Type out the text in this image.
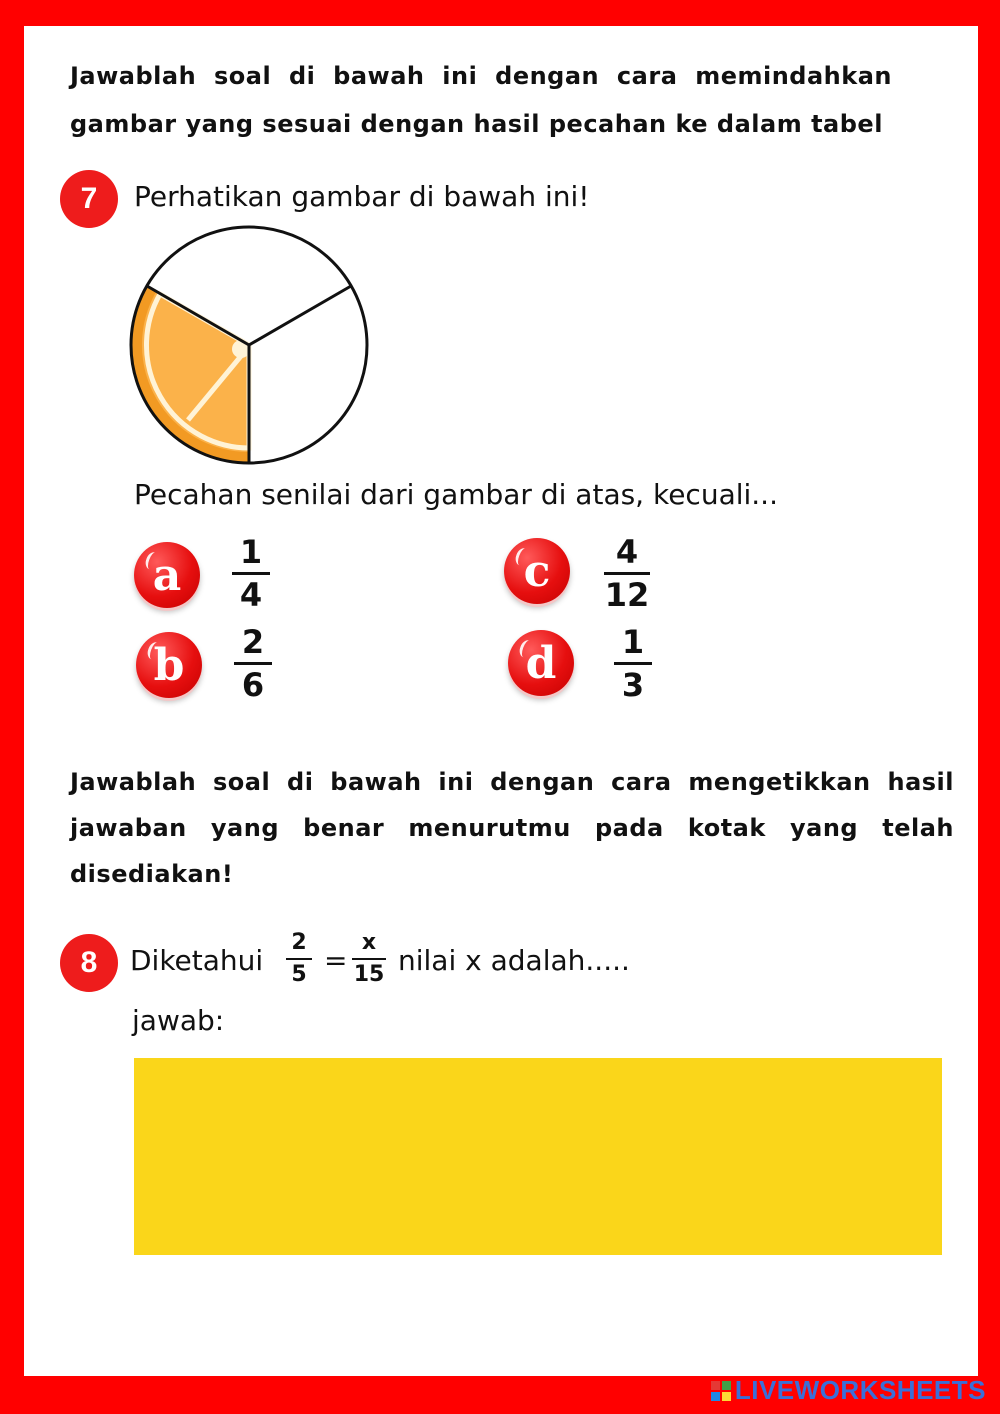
Jawablah soal di bawah ini dengan cara memindahkan
gambar yang sesuai dengan hasil pecahan ke dalam tabel
7	Perhatikan gambar di bawah ini!
Pecahan senilai dari gambar di atas, kecuali...
a	1
4	c	4
12
b	2
6	d	1
3
Jawablah soal di bawah ini dengan cara mengetikkan hasil
jawaban yang benar menurutmu pada kotak yang telah
disediakan!
8	Diketahui
2
5 =
x
15 nilai x adalah.....
jawab:
LIVEWORKSHEETS
